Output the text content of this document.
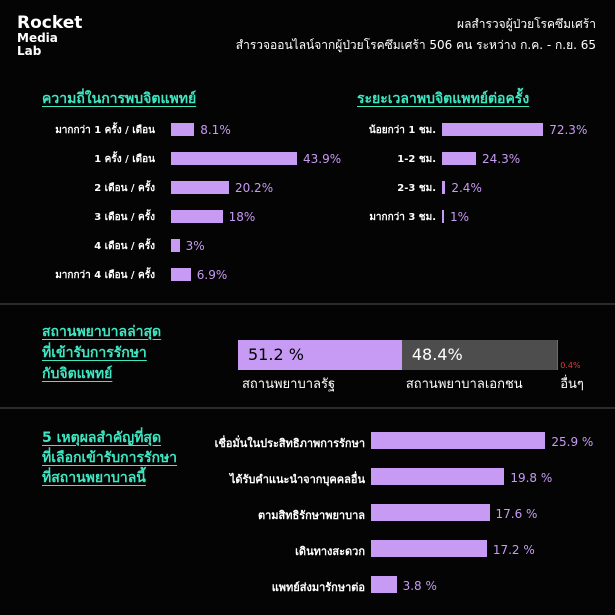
Rocket
Media
Lab
ผลสำรวจผู้ป่วยโรคซึมเศร้า
สำรวจออนไลน์จากผู้ป่วยโรคซึมเศร้า 506 คน ระหว่าง ก.ค. - ก.ย. 65
ความถี่ในการพบจิตแพทย์	ระยะเวลาพบจิตแพทย์ต่อครั้ง
มากกว่า 1 ครั้ง / เดือน	8.1%
1 ครั้ง / เดือน	43.9%
2 เดือน / ครั้ง	20.2%
3 เดือน / ครั้ง	18%
4 เดือน / ครั้ง	3%
มากกว่า 4 เดือน / ครั้ง	6.9%
น้อยกว่า 1 ชม.	72.3%
1-2 ชม.	24.3%
2-3 ชม. 2.4%
มากกว่า 3 ชม. 1%
สถานพยาบาลล่าสุด
ที่เข้ารับการรักษา
กับจิตแพทย์
51.2 %
สถานพยาบาลรัฐ
48.4%
สถานพยาบาลเอกชน
0.4%
อื่นๆ
5 เหตุผลสำคัญที่สุด
ที่เลือกเข้ารับการรักษา
ที่สถานพยาบาลนี้
เชื่อมั่นในประสิทธิภาพการรักษา	25.9 %
ได้รับคำแนะนำจากบุคคลอื่น	19.8 %
ตามสิทธิรักษาพยาบาล	17.6 %
เดินทางสะดวก	17.2 %
แพทย์ส่งมารักษาต่อ	3.8 %
